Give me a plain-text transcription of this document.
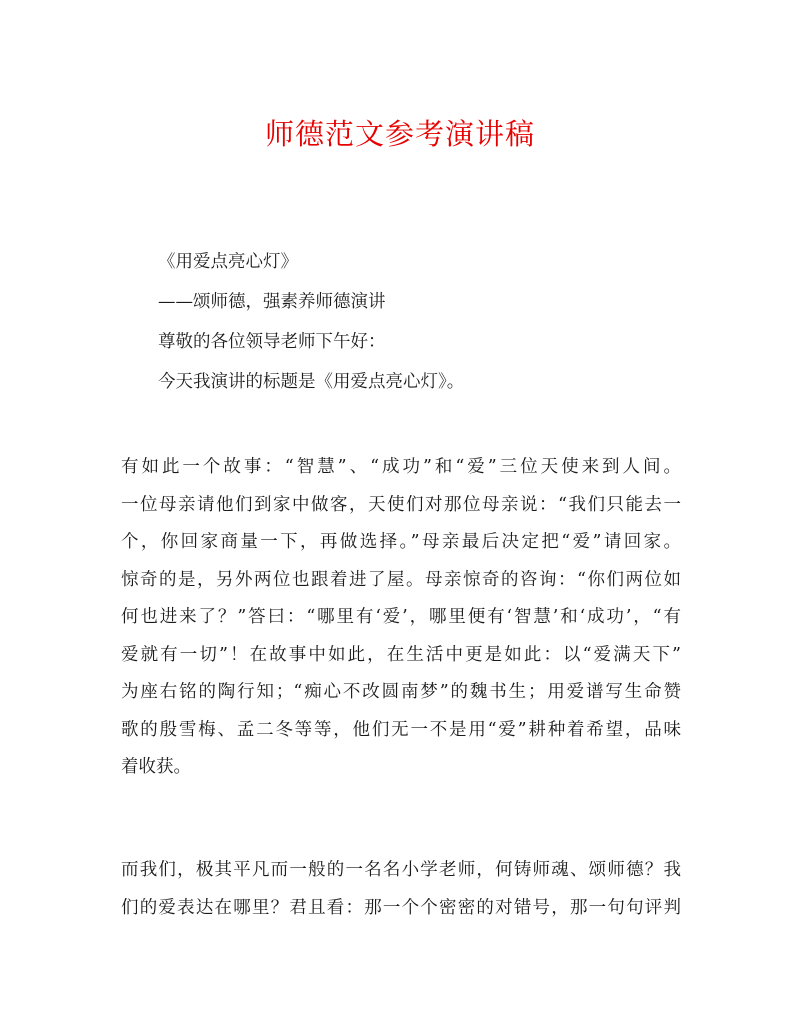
师德范文参考演讲稿

《用爱点亮心灯》

——颂师德，强素养师德演讲

尊敬的各位领导老师下午好：

今天我演讲的标题是《用爱点亮心灯》。

有如此一个故事：“智慧”、“成功”和“爱”三位天使来到人间。
一位母亲请他们到家中做客，天使们对那位母亲说：“我们只能去一
个，你回家商量一下，再做选择。”母亲最后决定把“爱”请回家。
惊奇的是，另外两位也跟着进了屋。母亲惊奇的咨询：“你们两位如
何也进来了？”答曰：“哪里有‘爱’，哪里便有‘智慧’和‘成功’，“有
爱就有一切”！在故事中如此，在生活中更是如此：以“爱满天下”
为座右铭的陶行知；“痴心不改圆南梦”的魏书生；用爱谱写生命赞
歌的殷雪梅、孟二冬等等，他们无一不是用“爱”耕种着希望，品味
着收获。
而我们，极其平凡而一般的一名名小学老师，何铸师魂、颂师德？我
们的爱表达在哪里？君且看：那一个个密密的对错号，那一句句评判
